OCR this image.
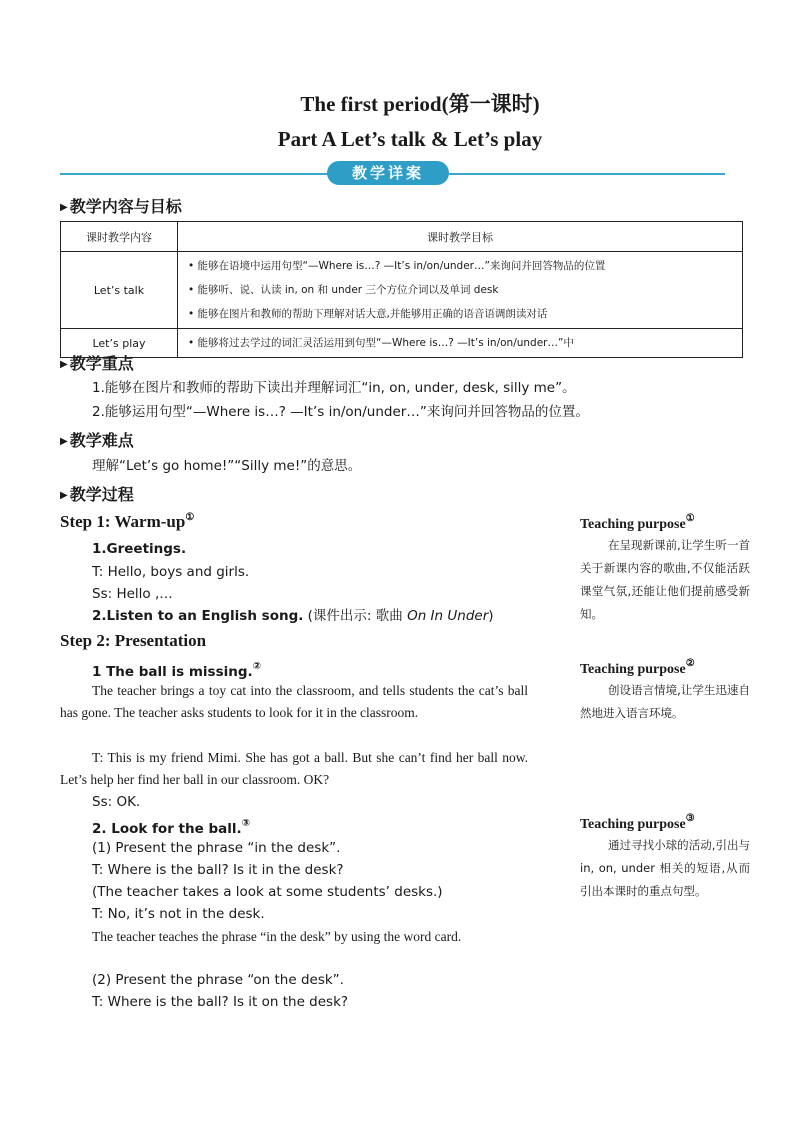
The first period(第一课时)
Part A Let’s talk & Let’s play
教学详案
▶ 教学内容与目标
课时教学内容	课时教学目标
Let’s talk	• 能够在语境中运用句型“—Where is…? —It’s in/on/under…”来询问并回答物品的位置
• 能够听、说、认读 in, on 和 under 三个方位介词以及单词 desk
• 能够在图片和教师的帮助下理解对话大意,并能够用正确的语音语调朗读对话

Let’s play	• 能够将过去学过的词汇灵活运用到句型“—Where is…? —It’s in/on/under…”中
▶ 教学重点
1.能够在图片和教师的帮助下读出并理解词汇“in, on, under, desk, silly me”。
2.能够运用句型“—Where is…? —It’s in/on/under…”来询问并回答物品的位置。
▶ 教学难点
理解“Let’s go home!”“Silly me!”的意思。
▶ 教学过程
Step 1: Warm-up①
1.Greetings.
T: Hello, boys and girls.
Ss: Hello ,…
2.Listen to an English song. (课件出示: 歌曲 On In Under)
Step 2: Presentation
1 The ball is missing.②
The teacher brings a toy cat into the classroom, and tells students the cat’s ball has gone. The teacher asks students to look for it in the classroom.
T: This is my friend Mimi. She has got a ball. But she can’t find her ball now. Let’s help her find her ball in our classroom. OK?
Ss: OK.
2. Look for the ball.③
(1) Present the phrase “in the desk”.
T: Where is the ball? Is it in the desk?
(The teacher takes a look at some students’ desks.)
T: No, it’s not in the desk.
The teacher teaches the phrase “in the desk” by using the word card.
(2) Present the phrase “on the desk”.
T: Where is the ball? Is it on the desk?
Teaching purpose①
在呈现新课前,让学生听一首关于新课内容的歌曲,不仅能活跃课堂气氛,还能让他们提前感受新知。
Teaching purpose②
创设语言情境,让学生迅速自然地进入语言环境。
Teaching purpose③
通过寻找小球的活动,引出与 in, on, under 相关的短语,从而引出本课时的重点句型。
